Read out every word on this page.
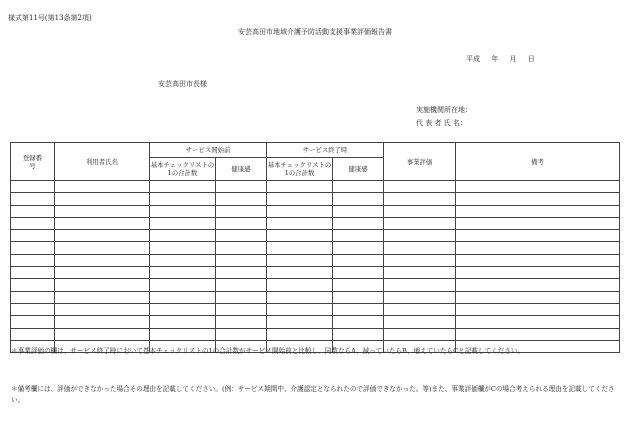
様式第11号(第13条第2項)
安芸高田市地域介護予防活動支援事業評価報告書
平成 年 月 日
安芸高田市長様
実施機関所在地：
代 表 者 氏 名：
登録番号	利用者氏名	サービス開始前		サービス終了時		事業評価	備考
		基本チェックリストの1の合計数	健康感	基本チェックリストの1の合計数	健康感		

＊事業評価の欄は、サービス終了時において基本チェックリストの1の合計数がサービス開始前と比較し、同数ならA、減っていたらB、増えていたらCと記載してください。
＊備考欄には、評価ができなかった場合その理由を記載してください。(例：サービス期間中、介護認定となられたので評価できなかった。等)また、事業評価欄がCの場合考えられる理由を記載してください。
